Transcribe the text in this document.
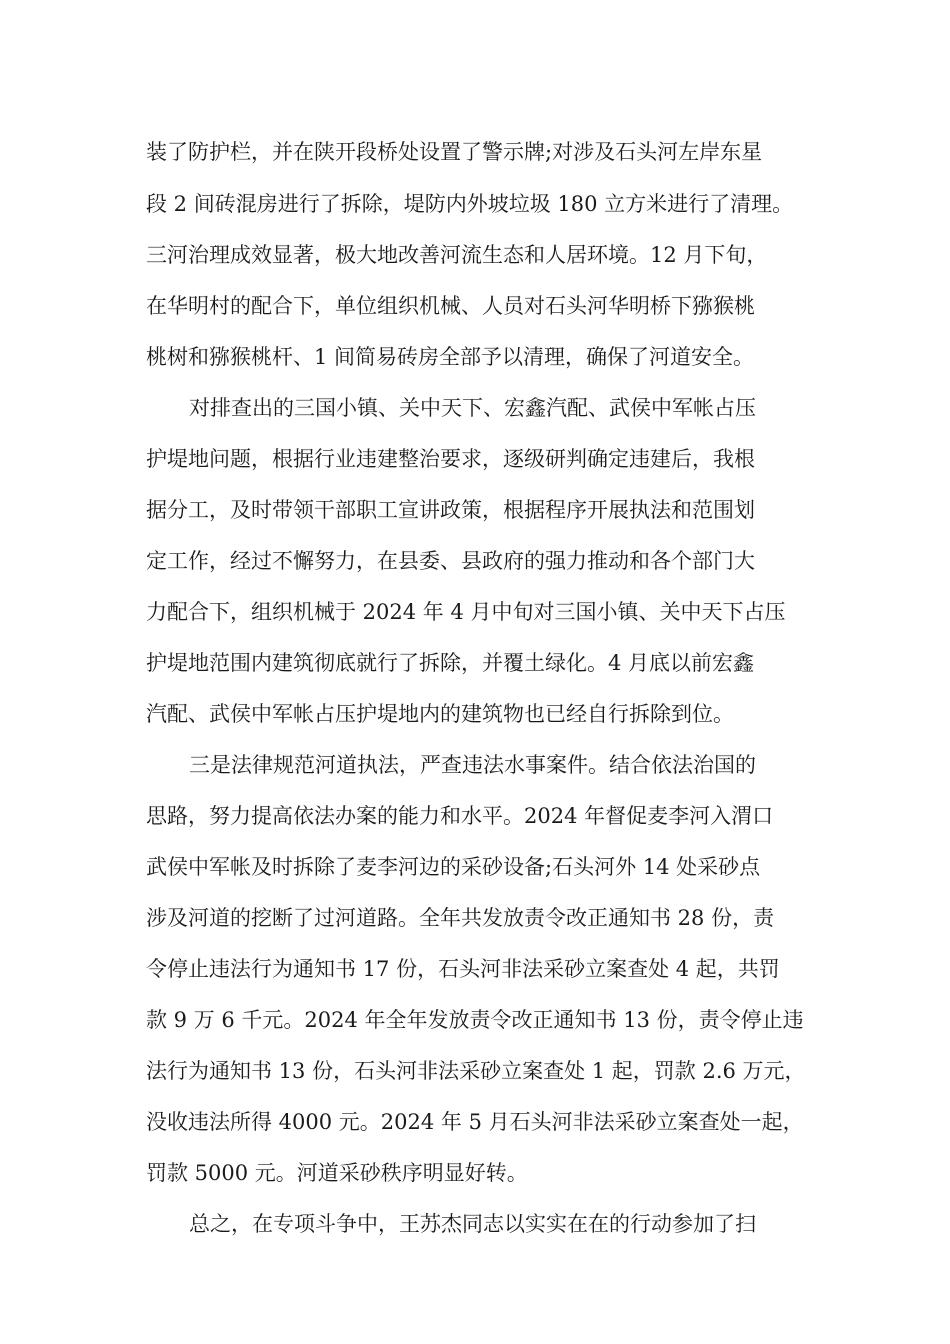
装了防护栏，并在陕开段桥处设置了警示牌;对涉及石头河左岸东星
段 2 间砖混房进行了拆除，堤防内外坡垃圾 180 立方米进行了清理。
三河治理成效显著，极大地改善河流生态和人居环境。12 月下旬，
在华明村的配合下，单位组织机械、人员对石头河华明桥下猕猴桃
桃树和猕猴桃杆、1 间简易砖房全部予以清理，确保了河道安全。
对排查出的三国小镇、关中天下、宏鑫汽配、武侯中军帐占压
护堤地问题，根据行业违建整治要求，逐级研判确定违建后，我根
据分工，及时带领干部职工宣讲政策，根据程序开展执法和范围划
定工作，经过不懈努力，在县委、县政府的强力推动和各个部门大
力配合下，组织机械于 2024 年 4 月中旬对三国小镇、关中天下占压
护堤地范围内建筑彻底就行了拆除，并覆土绿化。4 月底以前宏鑫
汽配、武侯中军帐占压护堤地内的建筑物也已经自行拆除到位。
三是法律规范河道执法，严查违法水事案件。结合依法治国的
思路，努力提高依法办案的能力和水平。2024 年督促麦李河入渭口
武侯中军帐及时拆除了麦李河边的采砂设备;石头河外 14 处采砂点
涉及河道的挖断了过河道路。全年共发放责令改正通知书 28 份，责
令停止违法行为通知书 17 份，石头河非法采砂立案查处 4 起，共罚
款 9 万 6 千元。2024 年全年发放责令改正通知书 13 份，责令停止违
法行为通知书 13 份，石头河非法采砂立案查处 1 起，罚款 2.6 万元，
没收违法所得 4000 元。2024 年 5 月石头河非法采砂立案查处一起，
罚款 5000 元。河道采砂秩序明显好转。
总之，在专项斗争中，王苏杰同志以实实在在的行动参加了扫
